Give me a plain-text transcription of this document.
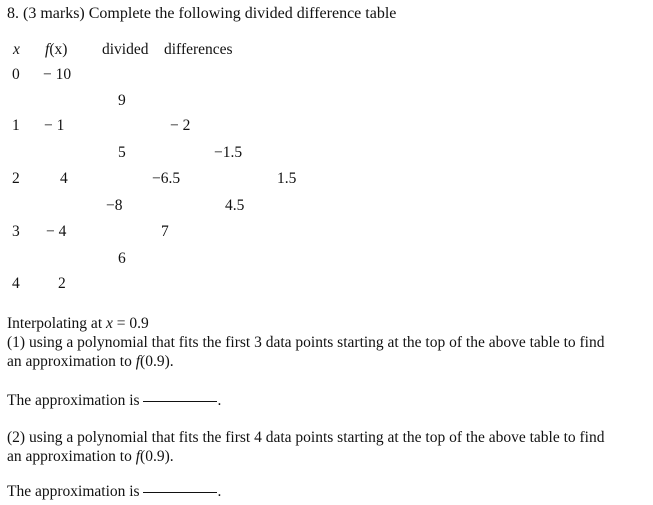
8. (3 marks) Complete the following divided difference table
x f(x) divided differences
0
1
2
3
4
− 10
− 1
4
− 4
2
9
5
−8
6
− 2
−6.5
7
−1.5
4.5
1.5
Interpolating at x = 0.9
(1) using a polynomial that fits the first 3 data points starting at the top of the above table to find
an approximation to f(0.9).
The approximation is	.
(2) using a polynomial that fits the first 4 data points starting at the top of the above table to find
an approximation to f(0.9).
The approximation is	.
